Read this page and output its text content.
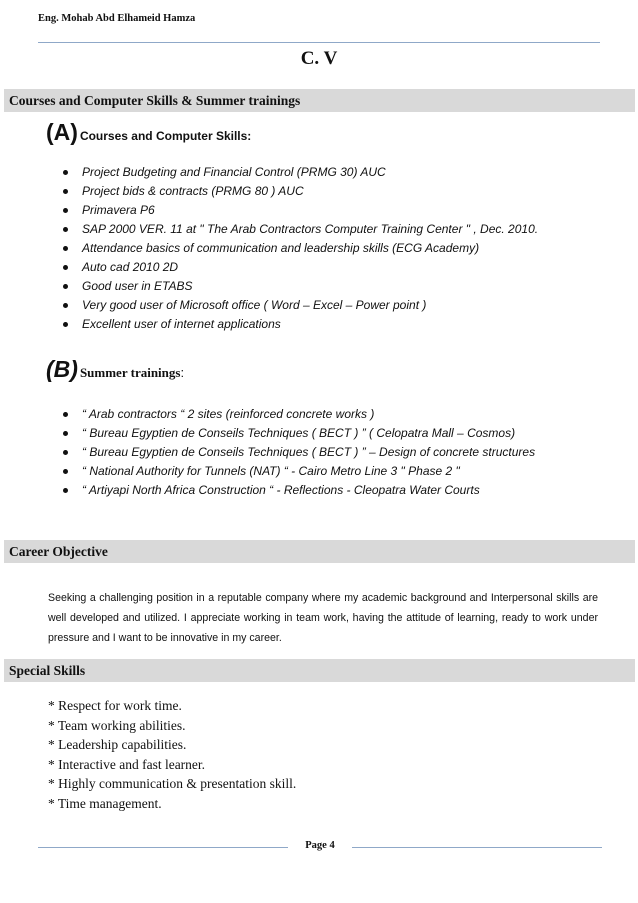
Eng. Mohab Abd Elhameid Hamza
C. V
Courses and Computer Skills & Summer trainings
(A) Courses and Computer Skills:
Project Budgeting and Financial Control (PRMG 30) AUC
Project bids & contracts (PRMG 80 ) AUC
Primavera P6
SAP 2000 VER. 11 at " The Arab Contractors Computer Training Center " , Dec. 2010.
Attendance basics of communication and leadership skills (ECG Academy)
Auto cad 2010 2D
Good user in ETABS
Very good user of Microsoft office ( Word – Excel – Power point )
Excellent user of internet applications
(B) Summer trainings :
“ Arab contractors “ 2 sites (reinforced concrete works )
“ Bureau Egyptien de Conseils Techniques ( BECT ) ” ( Celopatra Mall – Cosmos)
“ Bureau Egyptien de Conseils Techniques ( BECT ) ” – Design of concrete structures
“ National Authority for Tunnels (NAT) “ - Cairo Metro Line 3 " Phase 2 "
“ Artiyapi North Africa Construction “ - Reflections - Cleopatra Water Courts
Career Objective
Seeking a challenging position in a reputable company where my academic background and Interpersonal skills are well developed and utilized. I appreciate working in team work, having the attitude of learning, ready to work under pressure and I want to be innovative in my career.
Special Skills
* Respect for work time.
* Team working abilities.
* Leadership capabilities.
* Interactive and fast learner.
* Highly communication & presentation skill.
* Time management.
Page 4
